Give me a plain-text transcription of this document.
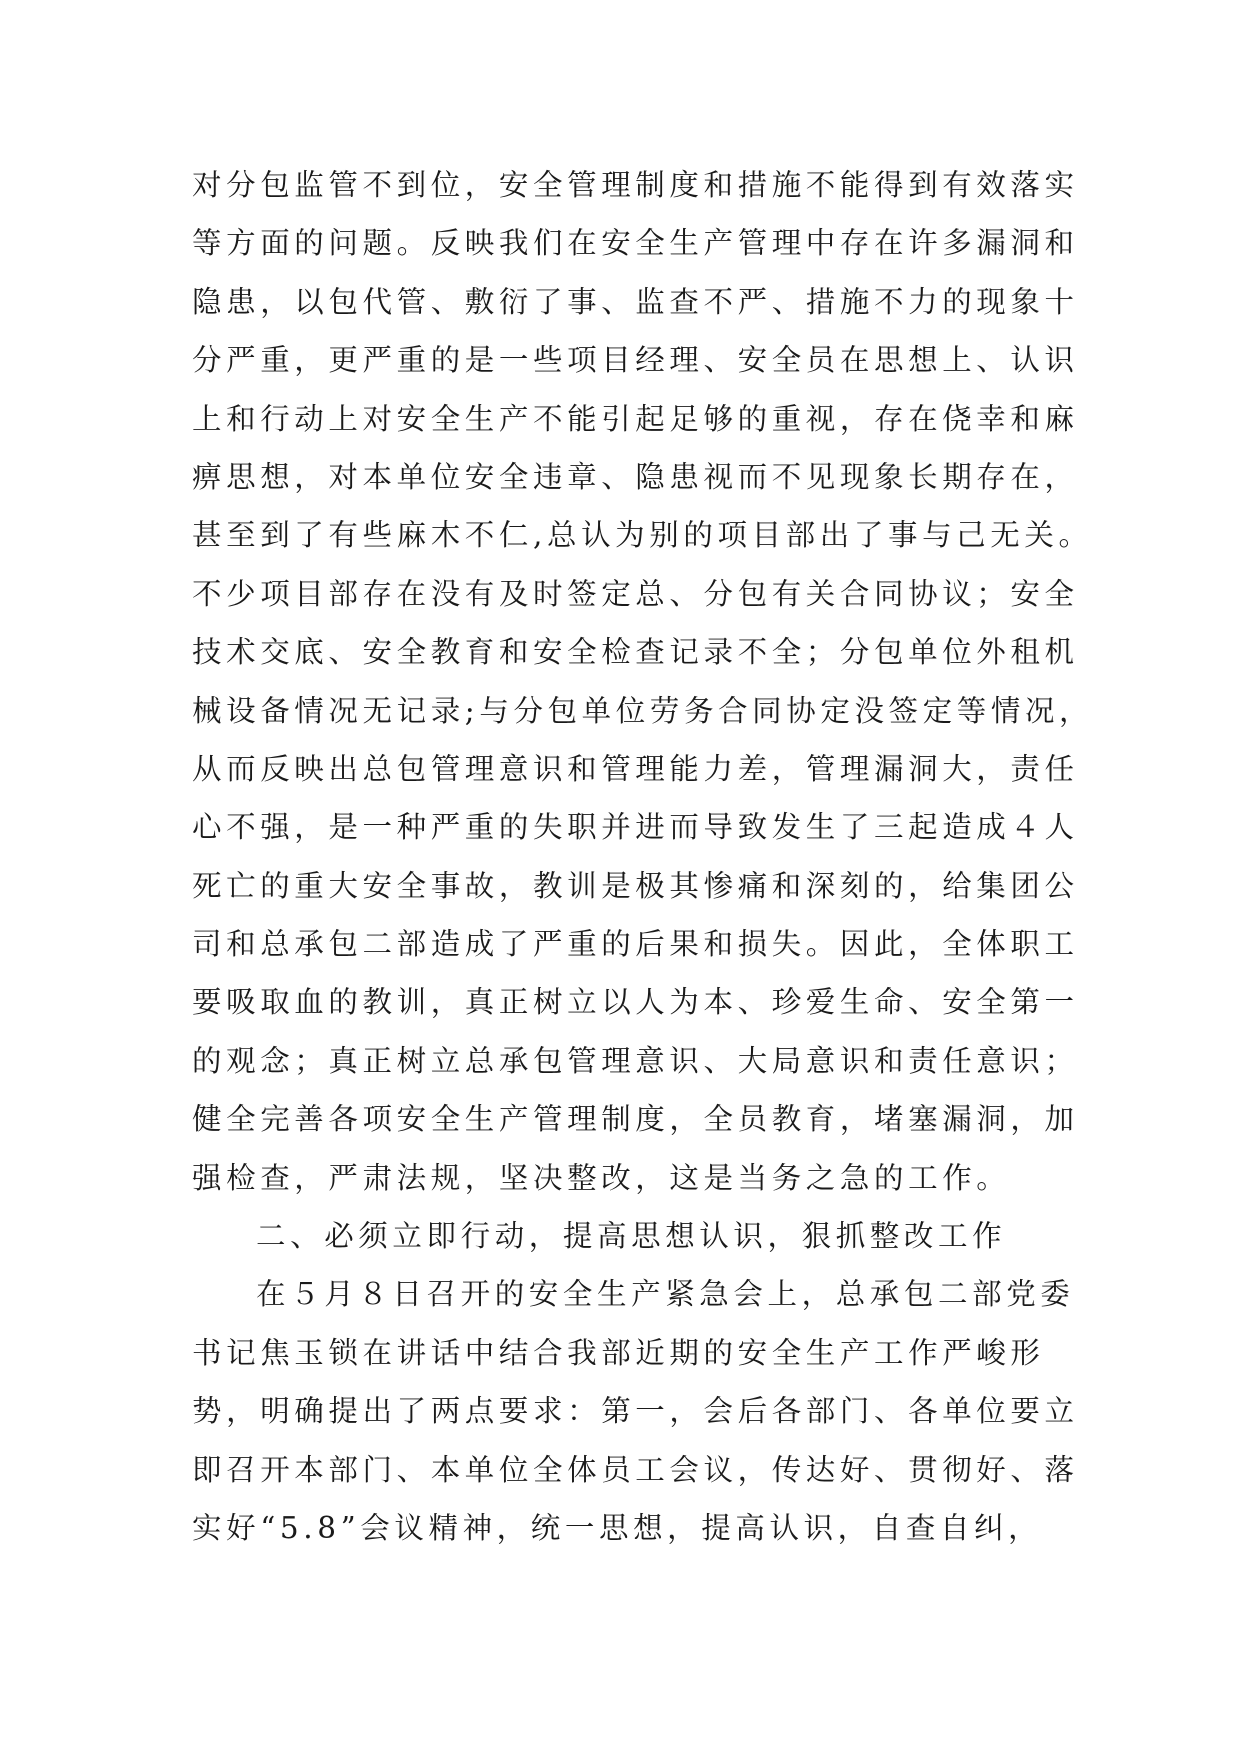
对分包监管不到位，安全管理制度和措施不能得到有效落实
等方面的问题。反映我们在安全生产管理中存在许多漏洞和
隐患，以包代管、敷衍了事、监查不严、措施不力的现象十
分严重，更严重的是一些项目经理、安全员在思想上、认识
上和行动上对安全生产不能引起足够的重视，存在侥幸和麻
痹思想，对本单位安全违章、隐患视而不见现象长期存在，
甚至到了有些麻木不仁,总认为别的项目部出了事与己无关。
不少项目部存在没有及时签定总、分包有关合同协议；安全
技术交底、安全教育和安全检查记录不全；分包单位外租机
械设备情况无记录;与分包单位劳务合同协定没签定等情况，
从而反映出总包管理意识和管理能力差，管理漏洞大，责任
心不强，是一种严重的失职并进而导致发生了三起造成４人
死亡的重大安全事故，教训是极其惨痛和深刻的，给集团公
司和总承包二部造成了严重的后果和损失。因此，全体职工
要吸取血的教训，真正树立以人为本、珍爱生命、安全第一
的观念；真正树立总承包管理意识、大局意识和责任意识；
健全完善各项安全生产管理制度，全员教育，堵塞漏洞，加
强检查，严肃法规，坚决整改，这是当务之急的工作。
二、必须立即行动，提高思想认识，狠抓整改工作
在５月８日召开的安全生产紧急会上，总承包二部党委
书记焦玉锁在讲话中结合我部近期的安全生产工作严峻形
势，明确提出了两点要求：第一，会后各部门、各单位要立
即召开本部门、本单位全体员工会议，传达好、贯彻好、落
实好“5.8”会议精神，统一思想，提高认识，自查自纠，
